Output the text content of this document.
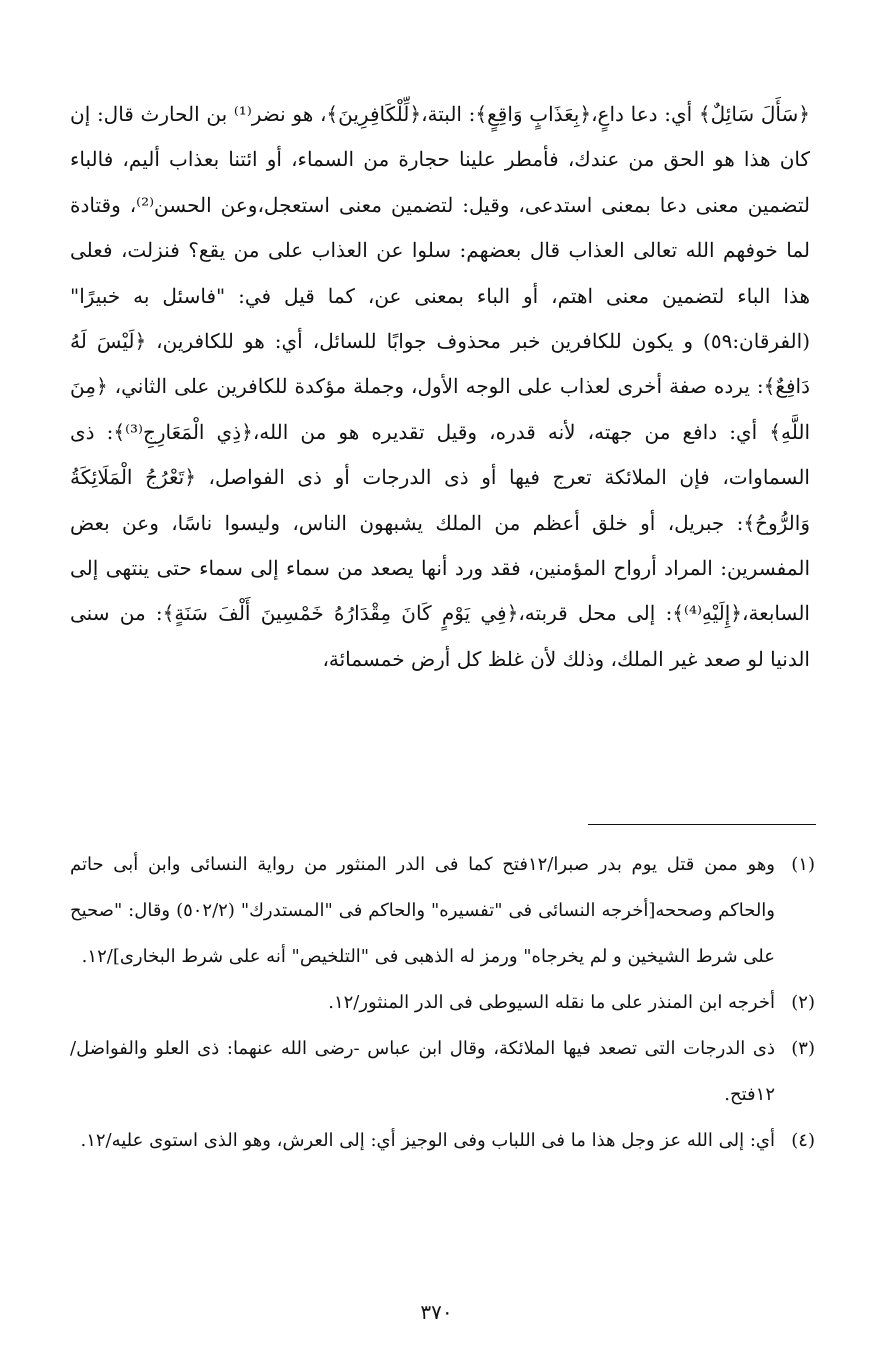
﴿سَأَلَ سَائِلٌ﴾ أي: دعا داعٍ،﴿بِعَذَابٍ وَاقِعٍ﴾: البتة،﴿لِّلْكَافِرِينَ﴾، هو نضر⁽¹⁾ بن الحارث قال: إن كان هذا هو الحق من عندك، فأمطر علينا حجارة من السماء، أو ائتنا بعذاب أليم، فالباء لتضمين معنى دعا بمعنى استدعى، وقيل: لتضمين معنى استعجل،وعن الحسن⁽²⁾، وقتادة لما خوفهم الله تعالى العذاب قال بعضهم: سلوا عن العذاب على من يقع؟ فنزلت، فعلى هذا الباء لتضمين معنى اهتم، أو الباء بمعنى عن، كما قيل في: "فاسئل به خبيرًا"(الفرقان:٥٩) و يكون للكافرين خبر محذوف جوابًا للسائل، أي: هو للكافرين، ﴿لَيْسَ لَهُ دَافِعٌ﴾: يرده صفة أخرى لعذاب على الوجه الأول، وجملة مؤكدة للكافرين على الثاني، ﴿مِنَ اللَّهِ﴾ أي: دافع من جهته، لأنه قدره، وقيل تقديره هو من الله،﴿ذِي الْمَعَارِجِ⁽³⁾﴾: ذى السماوات، فإن الملائكة تعرج فيها أو ذى الدرجات أو ذى الفواصل، ﴿تَعْرُجُ الْمَلَائِكَةُ وَالرُّوحُ﴾: جبريل، أو خلق أعظم من الملك يشبهون الناس، وليسوا ناسًا، وعن بعض المفسرين: المراد أرواح المؤمنين، فقد ورد أنها يصعد من سماء إلى سماء حتى ينتهى إلى السابعة،﴿إِلَيْهِ⁽⁴⁾﴾: إلى محل قربته،﴿فِي يَوْمٍ كَانَ مِقْدَارُهُ خَمْسِينَ أَلْفَ سَنَةٍ﴾: من سنى الدنيا لو صعد غير الملك، وذلك لأن غلظ كل أرض خمسمائة،

(١)
وهو ممن قتل يوم بدر صبرا/١٢فتح كما فى الدر المنثور من رواية النسائى وابن أبى حاتم والحاكم وصححه[أخرجه النسائى فى "تفسيره" والحاكم فى "المستدرك" (٥٠٢/٢) وقال: "صحيح على شرط الشيخين و لم يخرجاه" ورمز له الذهبى فى "التلخيص" أنه على شرط البخارى]/١٢.
(٢)
أخرجه ابن المنذر على ما نقله السيوطى فى الدر المنثور/١٢.
(٣)
ذى الدرجات التى تصعد فيها الملائكة، وقال ابن عباس -رضى الله عنهما: ذى العلو والفواضل/١٢فتح.
(٤)
أي: إلى الله عز وجل هذا ما فى اللباب وفى الوجيز أي: إلى العرش، وهو الذى استوى عليه/١٢.
٣٧٠
